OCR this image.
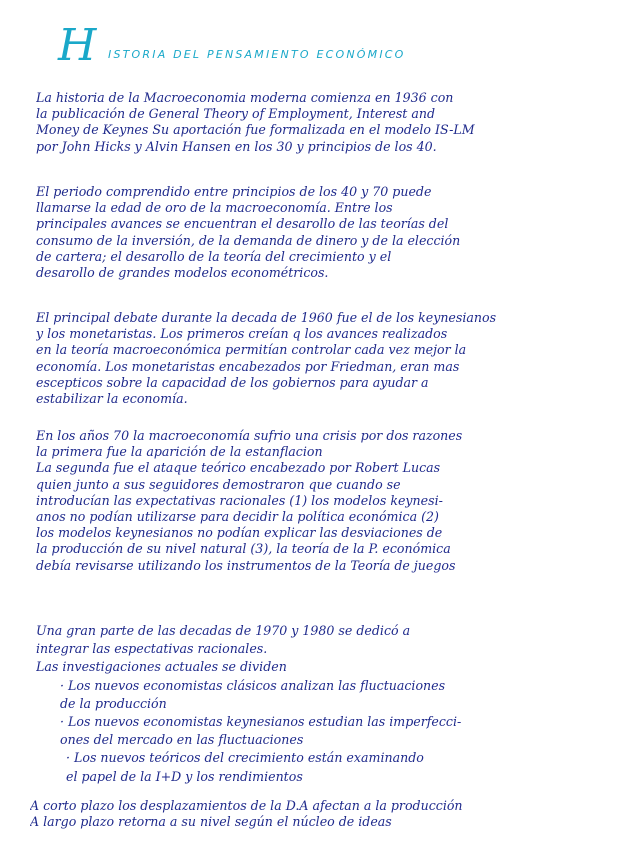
H ISTORIA DEL PENSAMIENTO ECONÓMICO
La historia de la Macroeconomia moderna comienza en 1936 con
la publicación de General Theory of Employment, Interest and
Money de Keynes Su aportación fue formalizada en el modelo IS-LM
por John Hicks y Alvin Hansen en los 30 y principios de los 40.
El periodo comprendido entre principios de los 40 y 70 puede
llamarse la edad de oro de la macroeconomía. Entre los
principales avances se encuentran el desarollo de las teorías del
consumo de la inversión, de la demanda de dinero y de la elección
de cartera; el desarollo de la teoría del crecimiento y el
desarollo de grandes modelos econométricos.
El principal debate durante la decada de 1960 fue el de los keynesianos
y los monetaristas. Los primeros creían q los avances realizados
en la teoría macroeconómica permitían controlar cada vez mejor la
economía. Los monetaristas encabezados por Friedman, eran mas
escepticos sobre la capacidad de los gobiernos para ayudar a
estabilizar la economía.
En los años 70 la macroeconomía sufrio una crisis por dos razones
la primera fue la aparición de la estanflacion
La segunda fue el ataque teórico encabezado por Robert Lucas
quien junto a sus seguidores demostraron que cuando se
introducían las expectativas racionales (1) los modelos keynesi-
anos no podían utilizarse para decidir la política económica (2)
los modelos keynesianos no podían explicar las desviaciones de
la producción de su nivel natural (3), la teoría de la P. económica
debía revisarse utilizando los instrumentos de la Teoría de juegos
Una gran parte de las decadas de 1970 y 1980 se dedicó a
integrar las espectativas racionales.
Las investigaciones actuales se dividen
· Los nuevos economistas clásicos analizan las fluctuaciones
de la producción
· Los nuevos economistas keynesianos estudian las imperfecci-
ones del mercado en las fluctuaciones
· Los nuevos teóricos del crecimiento están examinando
el papel de la I+D y los rendimientos
A corto plazo los desplazamientos de la D.A afectan a la producción
A largo plazo retorna a su nivel según el núcleo de ideas
